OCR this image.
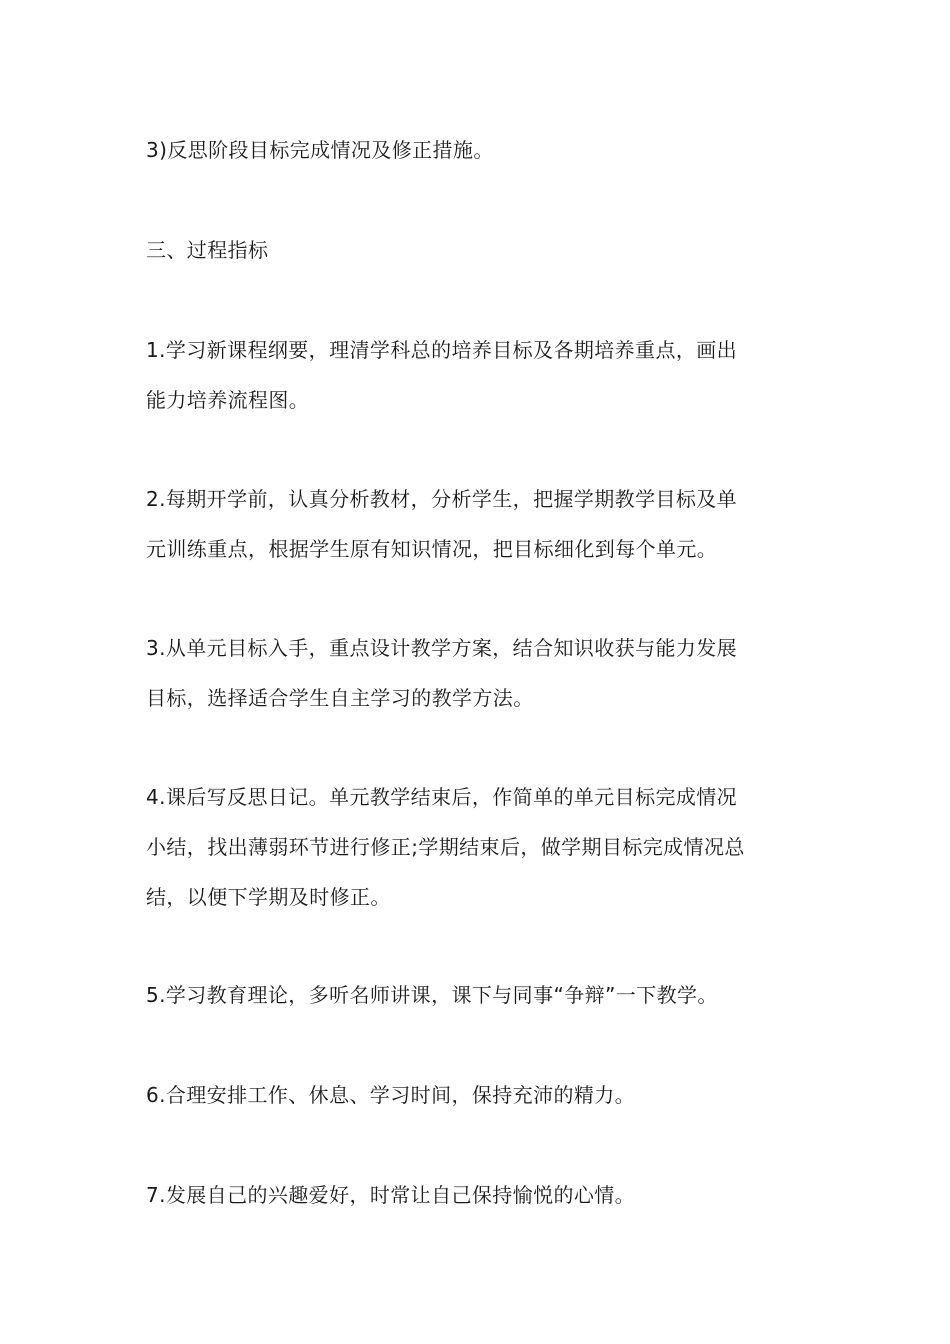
3)反思阶段目标完成情况及修正措施。

三、过程指标

1.学习新课程纲要，理清学科总的培养目标及各期培养重点，画出
能力培养流程图。

2.每期开学前，认真分析教材，分析学生，把握学期教学目标及单
元训练重点，根据学生原有知识情况，把目标细化到每个单元。

3.从单元目标入手，重点设计教学方案，结合知识收获与能力发展
目标，选择适合学生自主学习的教学方法。

4.课后写反思日记。单元教学结束后，作简单的单元目标完成情况
小结，找出薄弱环节进行修正;学期结束后，做学期目标完成情况总
结，以便下学期及时修正。

5.学习教育理论，多听名师讲课，课下与同事“争辩”一下教学。

6.合理安排工作、休息、学习时间，保持充沛的精力。

7.发展自己的兴趣爱好，时常让自己保持愉悦的心情。
